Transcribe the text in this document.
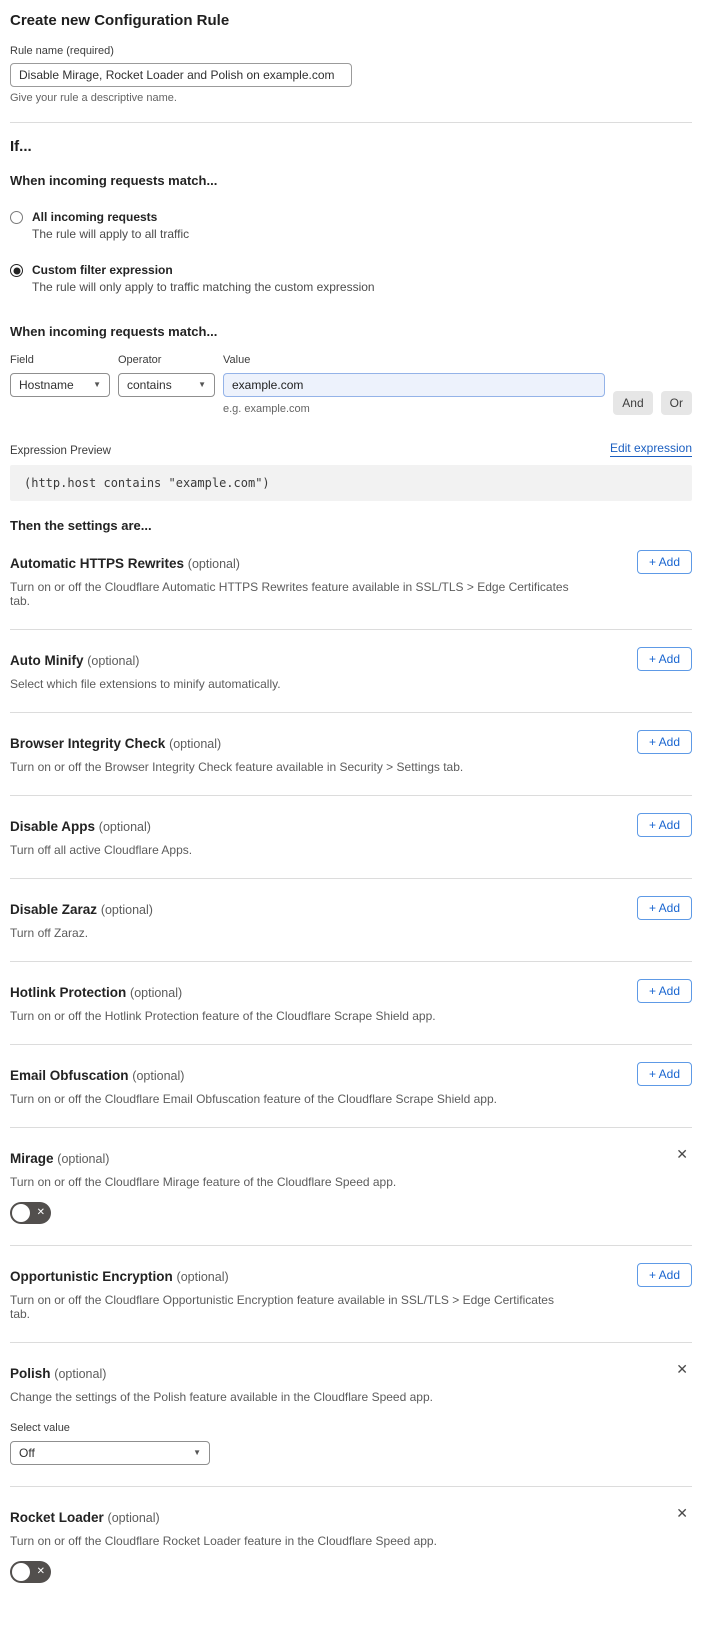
Create new Configuration Rule
Rule name (required)
Disable Mirage, Rocket Loader and Polish on example.com
Give your rule a descriptive name.
If...
When incoming requests match...
All incoming requests
The rule will apply to all traffic
Custom filter expression
The rule will only apply to traffic matching the custom expression
When incoming requests match...
Field
Hostname ▼
Operator
contains	▼
Value
example.com
e.g. example.com	And	Or
Expression Preview	Edit expression
(http.host contains "example.com")
Then the settings are...
Automatic HTTPS Rewrites (optional)
Turn on or off the Cloudflare Automatic HTTPS Rewrites feature available in SSL/TLS > Edge Certificates tab.
+ Add
Auto Minify (optional)
Select which file extensions to minify automatically.
+ Add
Browser Integrity Check (optional)
Turn on or off the Browser Integrity Check feature available in Security > Settings tab.
+ Add
Disable Apps (optional)
Turn off all active Cloudflare Apps.
+ Add
Disable Zaraz (optional)
Turn off Zaraz.
+ Add
Hotlink Protection (optional)
Turn on or off the Hotlink Protection feature of the Cloudflare Scrape Shield app.
+ Add
Email Obfuscation (optional)
Turn on or off the Cloudflare Email Obfuscation feature of the Cloudflare Scrape Shield app.
+ Add
Mirage (optional)
Turn on or off the Cloudflare Mirage feature of the Cloudflare Speed app.
✕
✕
Opportunistic Encryption (optional)
Turn on or off the Cloudflare Opportunistic Encryption feature available in SSL/TLS > Edge Certificates tab.
+ Add
Polish (optional)
Change the settings of the Polish feature available in the Cloudflare Speed app.
✕
Select value
Off	▼
Rocket Loader (optional)
Turn on or off the Cloudflare Rocket Loader feature in the Cloudflare Speed app.
✕
✕
